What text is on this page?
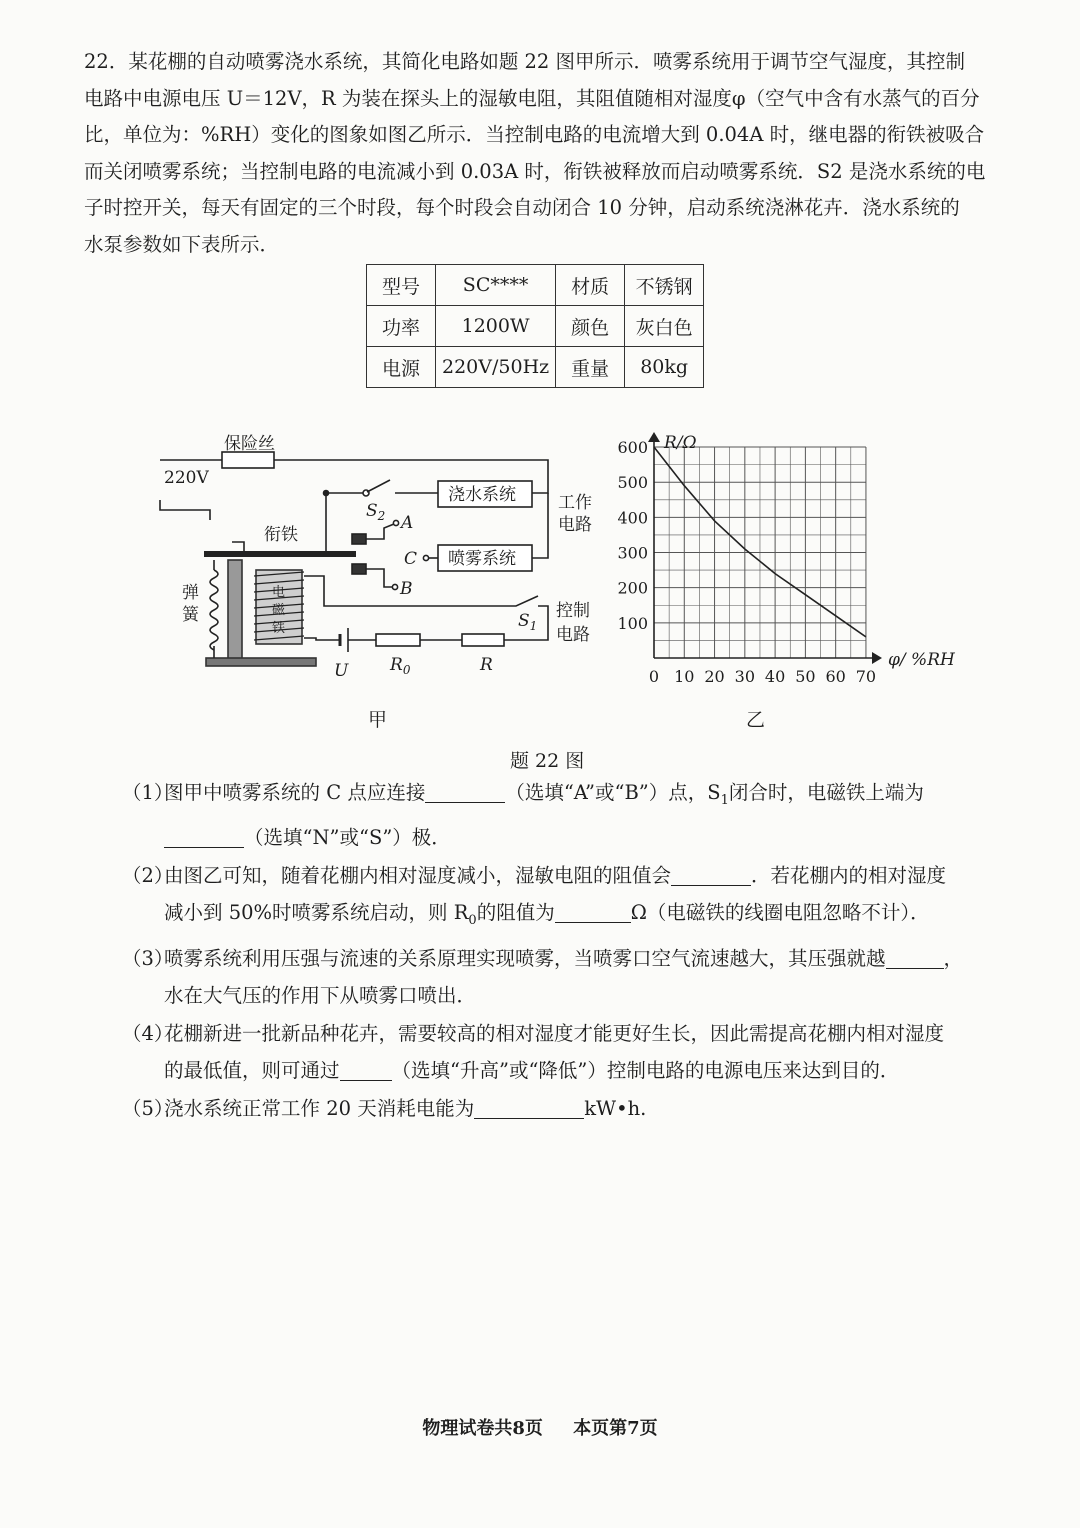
22．某花棚的自动喷雾浇水系统，其简化电路如题 22 图甲所示．喷雾系统用于调节空气湿度，其控制

电路中电源电压 U＝12V，R 为装在探头上的湿敏电阻，其阻值随相对湿度φ（空气中含有水蒸气的百分

比，单位为：%RH）变化的图象如图乙所示．当控制电路的电流增大到 0.04A 时，继电器的衔铁被吸合

而关闭喷雾系统；当控制电路的电流减小到 0.03A 时，衔铁被释放而启动喷雾系统．S2 是浇水系统的电

子时控开关，每天有固定的三个时段，每个时段会自动闭合 10 分钟，启动系统浇淋花卉．浇水系统的

水泵参数如下表所示．

型号	SC****	材质	不锈钢
功率	1200W	颜色	灰白色
电源	220V/50Hz	重量	80kg
保险丝
220V
浇水系统
喷雾系统
工作
电路
控制
电路
衔铁
弹
簧
电
磁
铁
$S_2$
$S_1$
A
B
C
U $R_0$	R
甲
0 10 20 30 40 50 60 70
100
200
300
400
500
600 R/Ω
φ/ %RH
乙
题 22 图

（1）图甲中喷雾系统的 C 点应连接	（选填“A”或“B”）点，$S_1$闭合时，电磁铁上端为

（选填“N”或“S”）极．

（2）由图乙可知，随着花棚内相对湿度减小，湿敏电阻的阻值会	．若花棚内的相对湿度

减小到 50%时喷雾系统启动，则 $R_0$的阻值为	Ω（电磁铁的线圈电阻忽略不计）．

（3）喷雾系统利用压强与流速的关系原理实现喷雾，当喷雾口空气流速越大，其压强就越	，

水在大气压的作用下从喷雾口喷出．

（4）花棚新进一批新品种花卉，需要较高的相对湿度才能更好生长，因此需提高花棚内相对湿度

的最低值，则可通过	（选填“升高”或“降低”）控制电路的电源电压来达到目的．

（5）浇水系统正常工作 20 天消耗电能为	kW•h.

物理试卷共8页 本页第7页
